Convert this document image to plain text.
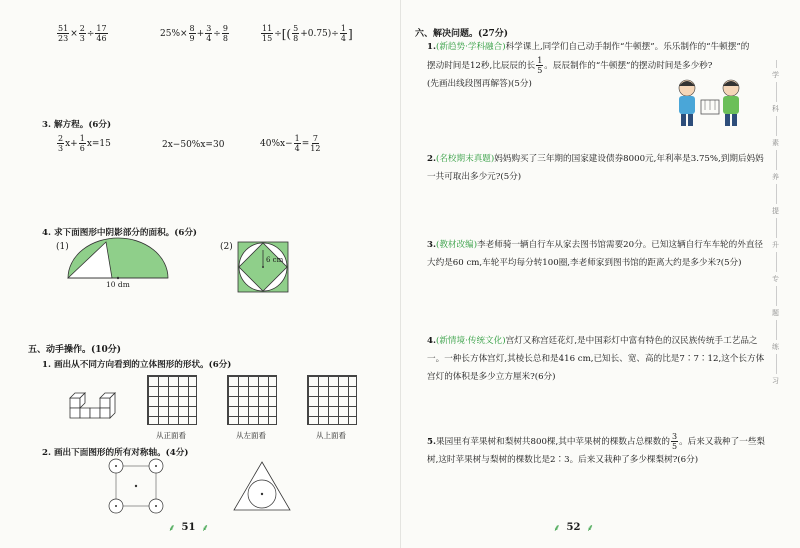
$\frac{51}{23} \times \frac{2}{3} \div \frac{17}{46}$	$25\%\times \frac{8}{9} + \frac{3}{4} \div \frac{9}{8}$	$\frac{11}{15}$ ÷ [( $\frac{5}{8} +0.75)\div \frac{1}{4}$ ]
3. 解方程。(6分)
$\frac{2}{3} x+ \frac{1}{6} x=15$	2x−50%x=30	$40\%x- \frac{1}{4} = \frac{7}{12}$
4. 求下面图形中阴影部分的面积。(6分)
(1)	(2)
10 dm
6 cm
五、动手操作。(10分)
1. 画出从不同方向看到的立体图形的形状。(6分)
从正面看	从左面看	从上面看
2. 画出下面图形的所有对称轴。(4分)
⸙ 51 ⸙
六、解决问题。(27分)
1.(新趋势·学科融合)科学课上,同学们自己动手制作“牛顿摆”。乐乐制作的“牛顿摆”的摆动时间是12秒,比辰辰的长 $\frac{1}{5}$ 。辰辰制作的“牛顿摆”的摆动时间是多少秒?
(先画出线段图再解答)(5分)
2.(名校期末真题)妈妈购买了三年期的国家建设债券8000元,年利率是3.75%,到期后妈妈一共可取出多少元?(5分)
3.(教材改编)李老师骑一辆自行车从家去图书馆需要20分。已知这辆自行车车轮的外直径大约是60 cm,车轮平均每分转100圈,李老师家到图书馆的距离大约是多少米?(5分)
4.(新情境·传统文化)宫灯又称宫廷花灯,是中国彩灯中富有特色的汉民族传统手工艺品之一。一种长方体宫灯,其棱长总和是416 cm,已知长、宽、高的比是7∶7∶12,这个长方体宫灯的体积是多少立方厘米?(6分)
5.果园里有苹果树和梨树共800棵,其中苹果树的棵数占总棵数的 $\frac{3}{5}$ 。后来又栽种了一些梨树,这时苹果树与梨树的棵数比是2∶3。后来又栽种了多少棵梨树?(6分)
⸙ 52 ⸙
学
科
素
养
提
升
专
题
练
习
